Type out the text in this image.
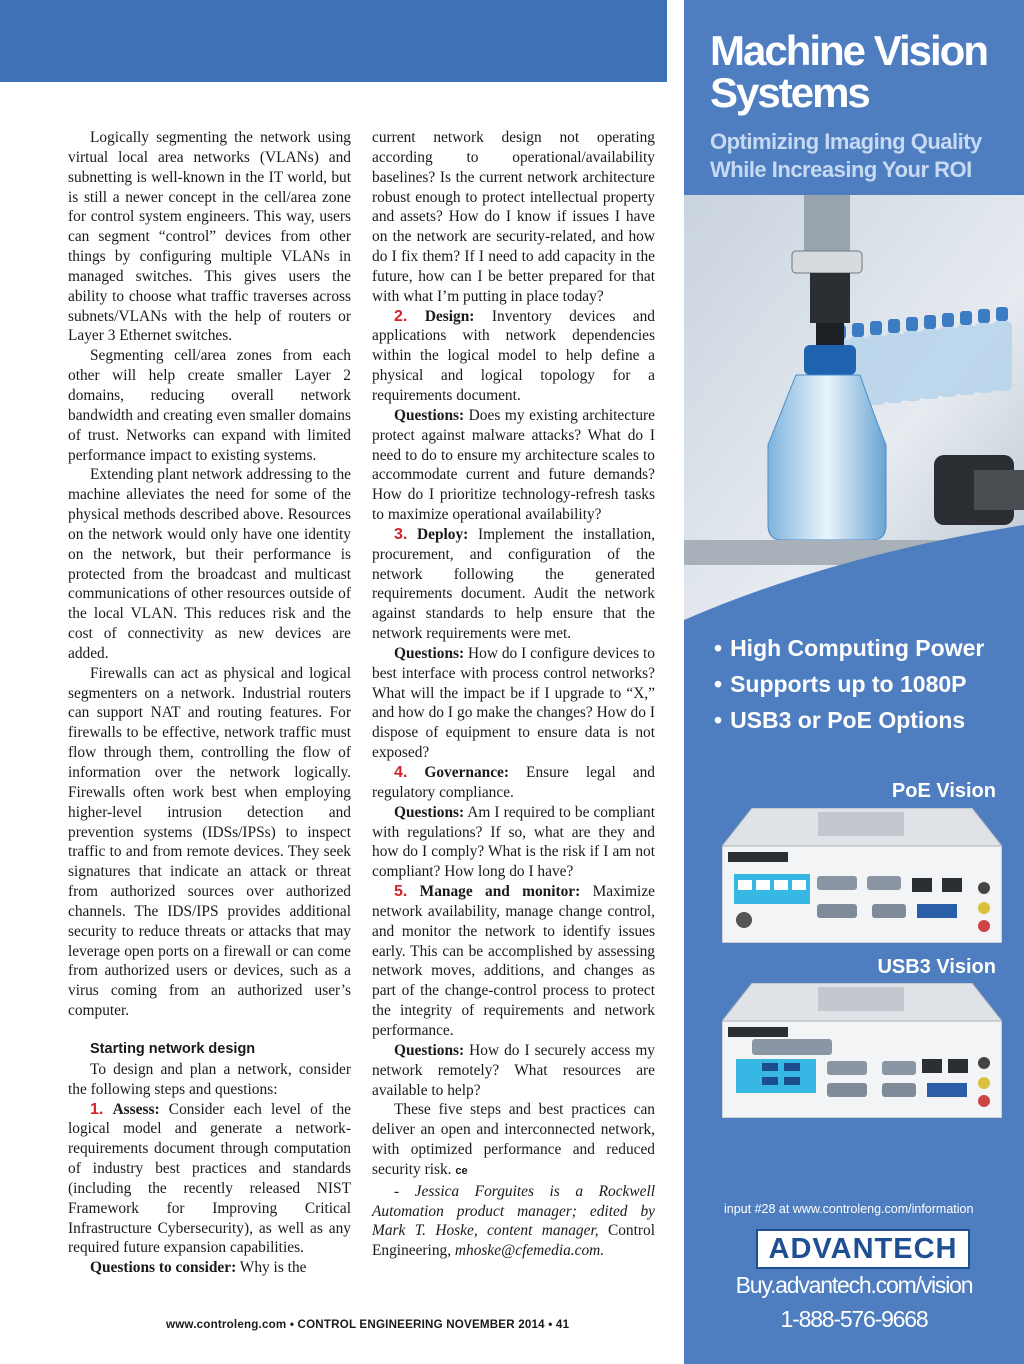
Logically segmenting the network using virtual local area networks (VLANs) and subnetting is well-known in the IT world, but is still a newer concept in the cell/area zone for control system engineers. This way, users can segment “control” devices from other things by configuring multiple VLANs in managed switches. This gives users the ability to choose what traffic traverses across subnets/VLANs with the help of routers or Layer 3 Ethernet switches.

Segmenting cell/area zones from each other will help create smaller Layer 2 domains, reducing overall network bandwidth and creating even smaller domains of trust. Networks can expand with limited performance impact to existing systems.

Extending plant network addressing to the machine alleviates the need for some of the physical methods described above. Resources on the network would only have one identity on the network, but their performance is protected from the broadcast and multicast communications of other resources outside of the local VLAN. This reduces risk and the cost of connectivity as new devices are added.

Firewalls can act as physical and logical segmenters on a network. Industrial routers can support NAT and routing features. For firewalls to be effective, network traffic must flow through them, controlling the flow of information over the network logically. Firewalls often work best when employing higher-level intrusion detection and prevention systems (IDSs/IPSs) to inspect traffic to and from remote devices. They seek signatures that indicate an attack or threat from authorized sources over authorized channels. The IDS/IPS provides additional security to reduce threats or attacks that may leverage open ports on a firewall or can come from authorized users or devices, such as a virus coming from an authorized user’s computer.

Starting network design

To design and plan a network, consider the following steps and questions:

1. Assess: Consider each level of the logical model and generate a network-requirements document through computation of industry best practices and standards (including the recently released NIST Framework for Improving Critical Infrastructure Cybersecurity), as well as any required future expansion capabilities.

Questions to consider: Why is the

current network design not operating according to operational/availability baselines? Is the current network architecture robust enough to protect intellectual property and assets? How do I know if issues I have on the network are security-related, and how do I fix them? If I need to add capacity in the future, how can I be better prepared for that with what I’m putting in place today?

2. Design: Inventory devices and applications with network dependencies within the logical model to help define a physical and logical topology for a requirements document.

Questions: Does my existing architecture protect against malware attacks? What do I need to do to ensure my architecture scales to accommodate current and future demands? How do I prioritize technology-refresh tasks to maximize operational availability?

3. Deploy: Implement the installation, procurement, and configuration of the network following the generated requirements document. Audit the network against standards to help ensure that the network requirements were met.

Questions: How do I configure devices to best interface with process control networks? What will the impact be if I upgrade to “X,” and how do I go make the changes? How do I dispose of equipment to ensure data is not exposed?

4. Governance: Ensure legal and regulatory compliance.

Questions: Am I required to be compliant with regulations? If so, what are they and how do I comply? What is the risk if I am not compliant? How long do I have?

5. Manage and monitor: Maximize network availability, manage change control, and monitor the network to identify issues early. This can be accomplished by assessing network moves, additions, and changes as part of the change-control process to protect the integrity of requirements and network performance.

Questions: How do I securely access my network remotely? What resources are available to help?

These five steps and best practices can deliver an open and interconnected network, with optimized performance and reduced security risk. ce

- Jessica Forguites is a Rockwell Automation product manager; edited by Mark T. Hoske, content manager, Control Engineering, mhoske@cfemedia.com.

www.controleng.com • CONTROL ENGINEERING NOVEMBER 2014 • 41
Machine Vision Systems
Optimizing Imaging Quality While Increasing Your ROI
• High Computing Power
• Supports up to 1080P
• USB3 or PoE Options
PoE Vision
USB3 Vision
input #28 at www.controleng.com/information
ADVANTECH
Buy.advantech.com/vision
1-888-576-9668
